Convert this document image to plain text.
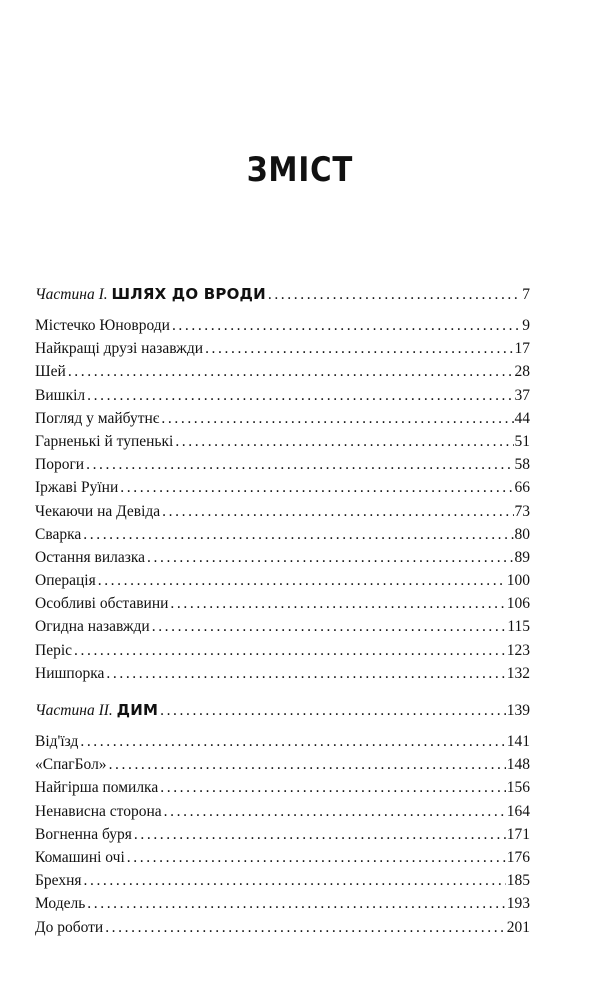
ЗМІСТ
Частина I. ШЛЯХ ДО ВРОДИ .....	7
Містечко Юновроди .....	9
Найкращі друзі назавжди .....	17
Шей .....	28
Вишкіл .....	37
Погляд у майбутнє .....	44
Гарненькі й тупенькі .....	51
Пороги .....	58
Іржаві Руїни .....	66
Чекаючи на Девіда .....	73
Сварка .....	80
Остання вилазка .....	89
Операція .....	100
Особливі обставини .....	106
Огидна назавжди .....	115
Періс .....	123
Нишпорка .....	132
Частина II. ДИМ .....	139
Від'їзд .....	141
«СпагБол» .....	148
Найгірша помилка .....	156
Ненависна сторона .....	164
Вогненна буря .....	171
Комашині очі .....	176
Брехня .....	185
Модель .....	193
До роботи .....	201
